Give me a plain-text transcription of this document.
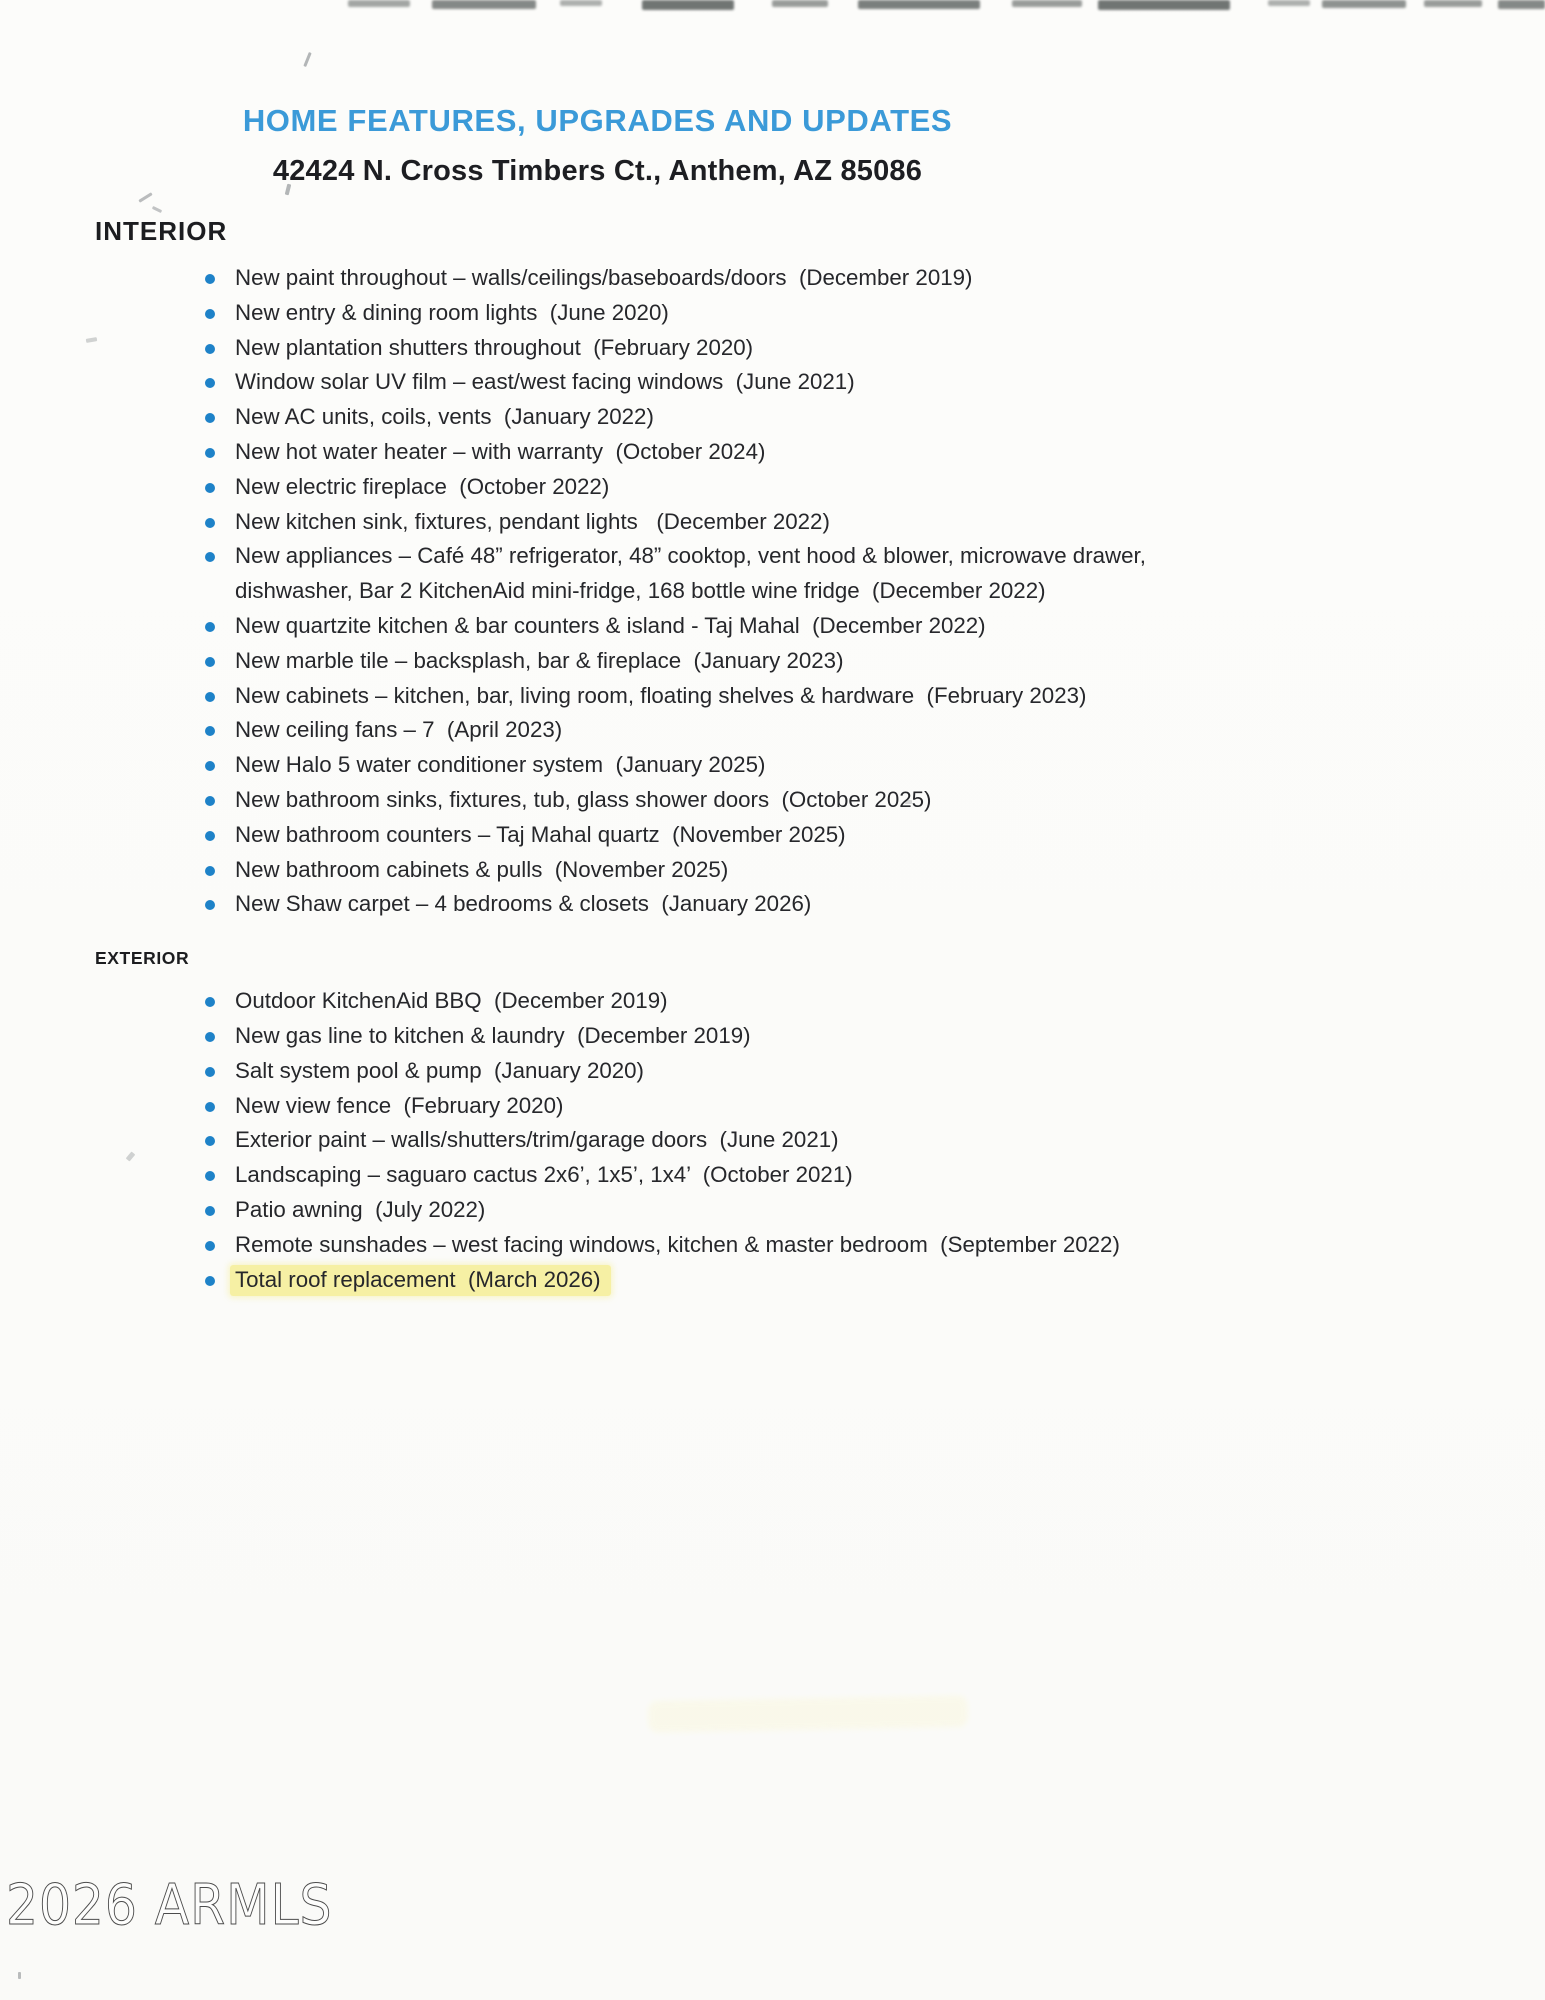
HOME FEATURES, UPGRADES AND UPDATES
42424 N. Cross Timbers Ct., Anthem, AZ 85086
INTERIOR
New paint throughout – walls/ceilings/baseboards/doors  (December 2019)
New entry & dining room lights  (June 2020)
New plantation shutters throughout  (February 2020)
Window solar UV film – east/west facing windows  (June 2021)
New AC units, coils, vents  (January 2022)
New hot water heater – with warranty  (October 2024)
New electric fireplace  (October 2022)
New kitchen sink, fixtures, pendant lights   (December 2022)
New appliances – Café 48” refrigerator, 48” cooktop, vent hood & blower, microwave drawer, dishwasher, Bar 2 KitchenAid mini-fridge, 168 bottle wine fridge  (December 2022)
New quartzite kitchen & bar counters & island - Taj Mahal  (December 2022)
New marble tile – backsplash, bar & fireplace  (January 2023)
New cabinets – kitchen, bar, living room, floating shelves & hardware  (February 2023)
New ceiling fans – 7  (April 2023)
New Halo 5 water conditioner system  (January 2025)
New bathroom sinks, fixtures, tub, glass shower doors  (October 2025)
New bathroom counters – Taj Mahal quartz  (November 2025)
New bathroom cabinets & pulls  (November 2025)
New Shaw carpet – 4 bedrooms & closets  (January 2026)
EXTERIOR
Outdoor KitchenAid BBQ  (December 2019)
New gas line to kitchen & laundry  (December 2019)
Salt system pool & pump  (January 2020)
New view fence  (February 2020)
Exterior paint – walls/shutters/trim/garage doors  (June 2021)
Landscaping – saguaro cactus 2x6’, 1x5’, 1x4’  (October 2021)
Patio awning  (July 2022)
Remote sunshades – west facing windows, kitchen & master bedroom  (September 2022)
Total roof replacement  (March 2026)
2026 ARMLS
